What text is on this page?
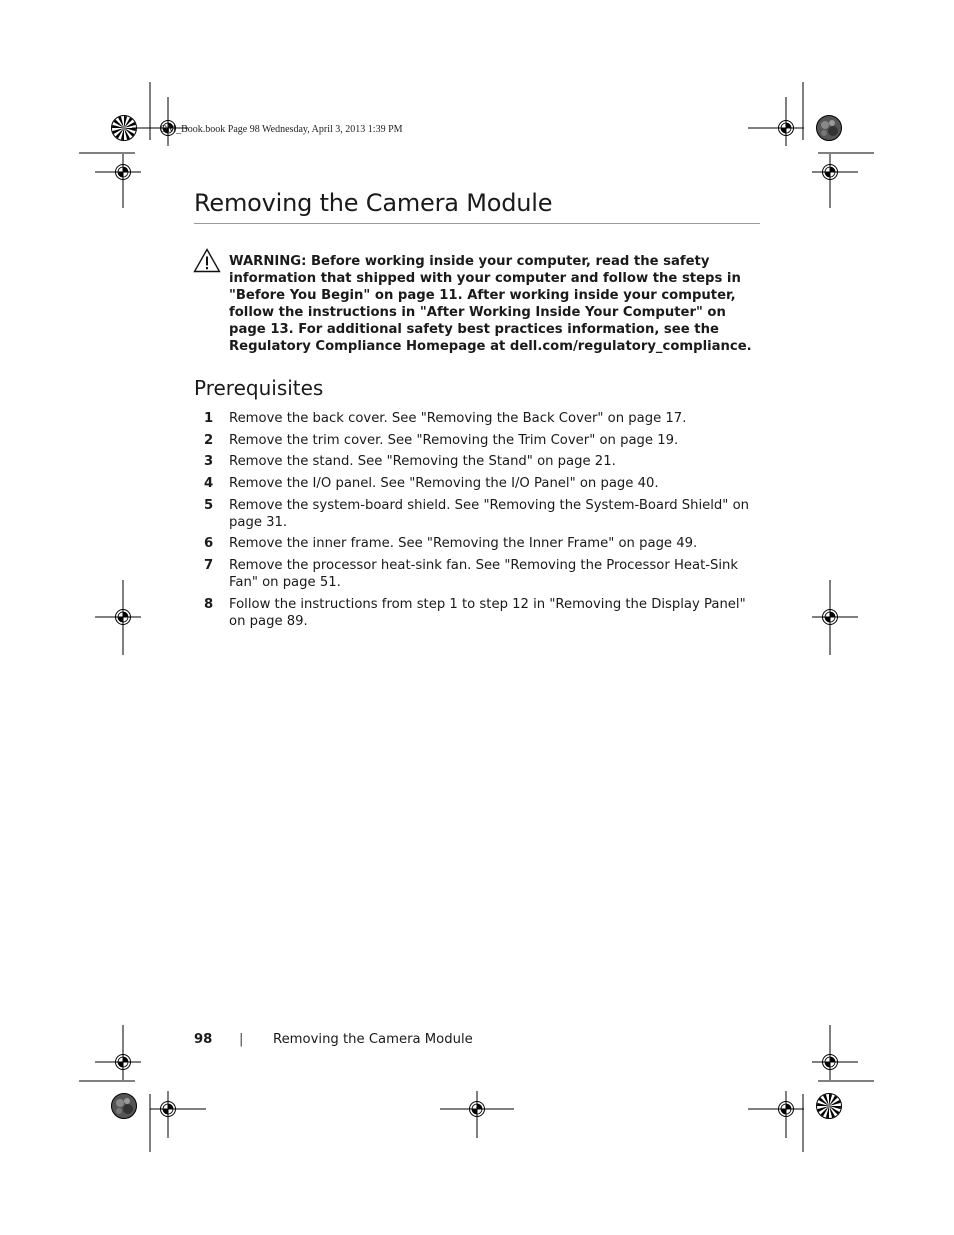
OM_Book.book Page 98 Wednesday, April 3, 2013 1:39 PM
Removing the Camera Module
WARNING: Before working inside your computer, read the safety information that shipped with your computer and follow the steps in "Before You Begin" on page 11. After working inside your computer, follow the instructions in "After Working Inside Your Computer" on page 13. For additional safety best practices information, see the Regulatory Compliance Homepage at dell.com/regulatory_compliance.
Prerequisites
1 Remove the back cover. See "Removing the Back Cover" on page 17.
2 Remove the trim cover. See "Removing the Trim Cover" on page 19.
3 Remove the stand. See "Removing the Stand" on page 21.
4 Remove the I/O panel. See "Removing the I/O Panel" on page 40.
5 Remove the system-board shield. See "Removing the System-Board Shield" on page 31.
6 Remove the inner frame. See "Removing the Inner Frame" on page 49.
7 Remove the processor heat-sink fan. See "Removing the Processor Heat-Sink Fan" on page 51.
8 Follow the instructions from step 1 to step 12 in "Removing the Display Panel" on page 89.
98 | Removing the Camera Module
